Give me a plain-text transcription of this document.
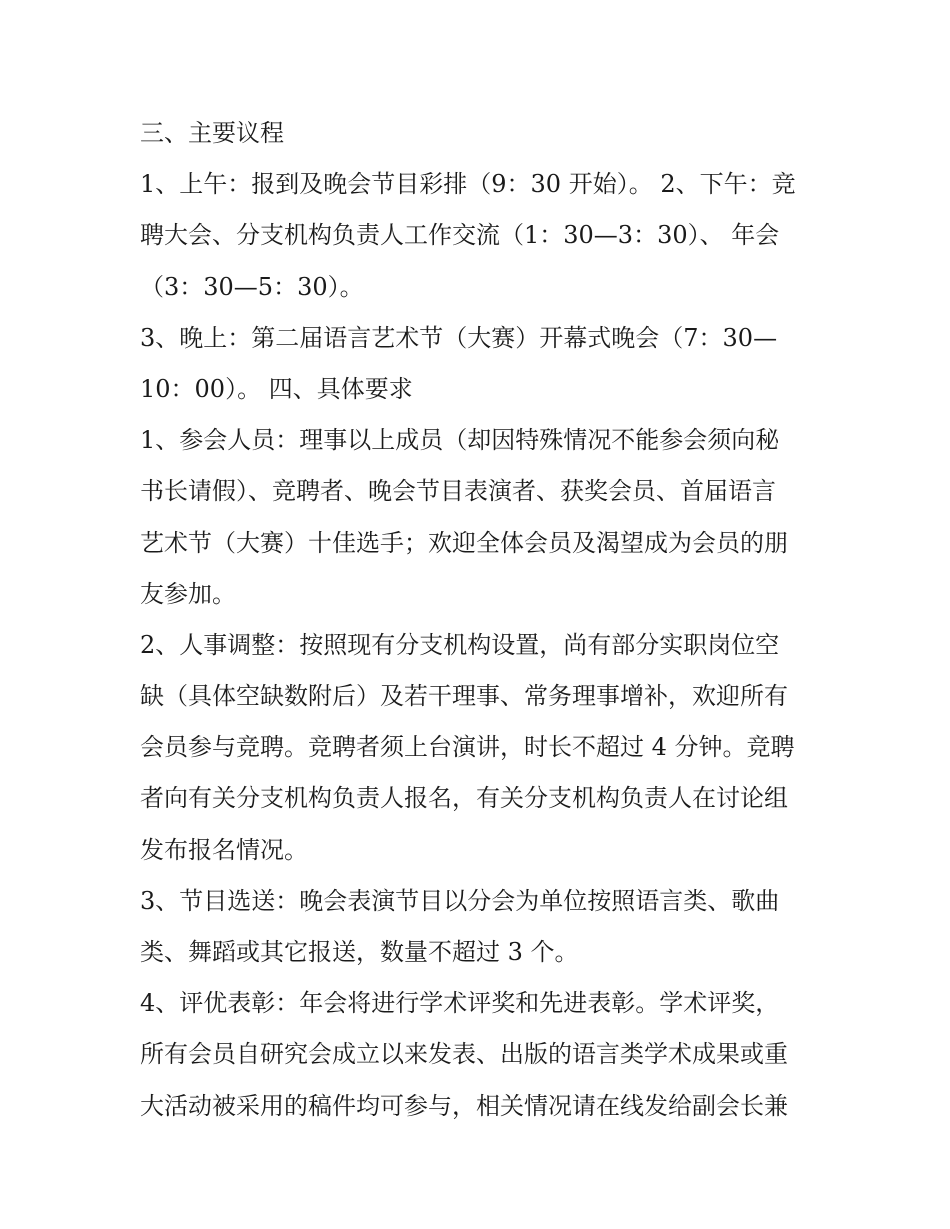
三、主要议程
1、上午：报到及晚会节目彩排（9：30 开始）。 2、下午：竞
聘大会、分支机构负责人工作交流（1：30—3：30）、 年会
（3：30—5：30）。
3、晚上：第二届语言艺术节（大赛）开幕式晚会（7：30—
10：00）。 四、具体要求
1、参会人员：理事以上成员（却因特殊情况不能参会须向秘
书长请假）、竞聘者、晚会节目表演者、获奖会员、首届语言
艺术节（大赛）十佳选手；欢迎全体会员及渴望成为会员的朋
友参加。
2、人事调整：按照现有分支机构设置，尚有部分实职岗位空
缺（具体空缺数附后）及若干理事、常务理事增补，欢迎所有
会员参与竞聘。竞聘者须上台演讲，时长不超过 4 分钟。竞聘
者向有关分支机构负责人报名，有关分支机构负责人在讨论组
发布报名情况。
3、节目选送：晚会表演节目以分会为单位按照语言类、歌曲
类、舞蹈或其它报送，数量不超过 3 个。
4、评优表彰：年会将进行学术评奖和先进表彰。学术评奖，
所有会员自研究会成立以来发表、出版的语言类学术成果或重
大活动被采用的稿件均可参与，相关情况请在线发给副会长兼
